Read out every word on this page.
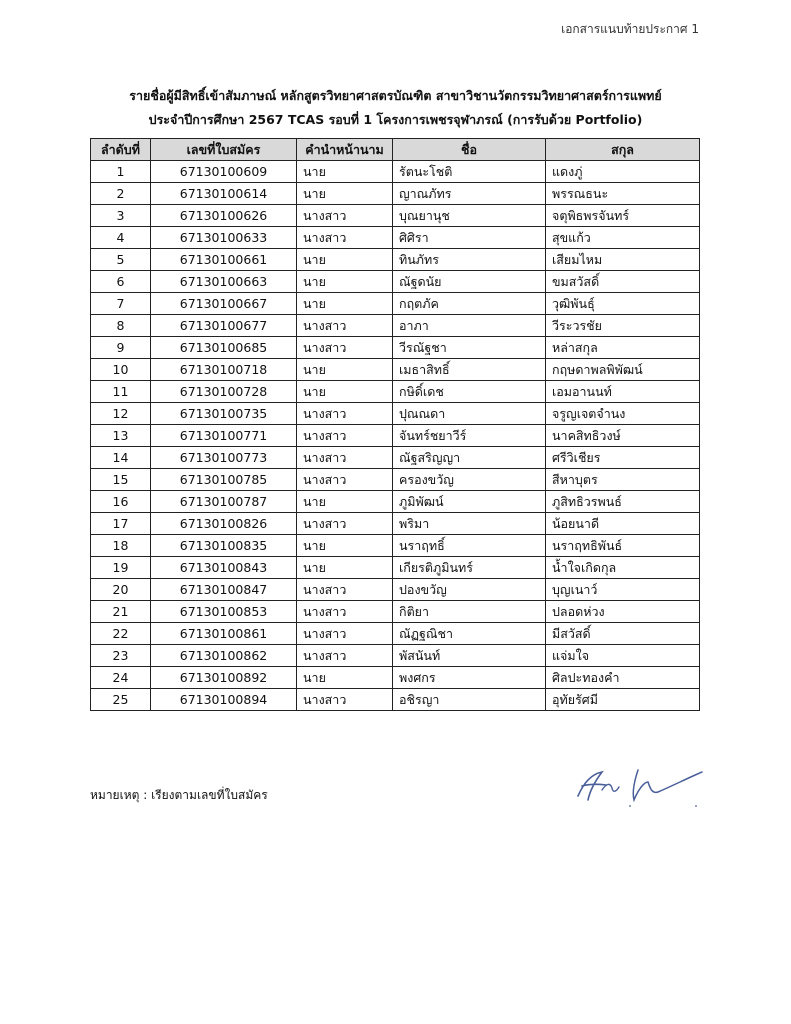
เอกสารแนบท้ายประกาศ 1
รายชื่อผู้มีสิทธิ์เข้าสัมภาษณ์ หลักสูตรวิทยาศาสตรบัณฑิต สาขาวิชานวัตกรรมวิทยาศาสตร์การแพทย์
ประจำปีการศึกษา 2567 TCAS รอบที่ 1 โครงการเพชรจุฬาภรณ์ (การรับด้วย Portfolio)
ลำดับที่	เลขที่ใบสมัคร	คำนำหน้านาม	ชื่อ	สกุล
1	67130100609	นาย	รัตนะโชติ	แดงภู่
2	67130100614	นาย	ญาณภัทร	พรรณธนะ
3	67130100626	นางสาว	บุณยานุช	จตุพิธพรจันทร์
4	67130100633	นางสาว	ศิศิรา	สุขแก้ว
5	67130100661	นาย	ทินภัทร	เสียมไหม
6	67130100663	นาย	ณัฐดนัย	ขมสวัสดิ์
7	67130100667	นาย	กฤตภัค	วุฒิพันธุ์
8	67130100677	นางสาว	อาภา	วีระวรชัย
9	67130100685	นางสาว	วีรณัฐชา	หล่าสกุล
10	67130100718	นาย	เมธาสิทธิ์	กฤษดาพลพิพัฒน์
11	67130100728	นาย	กษิดิ์เดช	เอมอานนท์
12	67130100735	นางสาว	ปุณณดา	จรูญเจตจำนง
13	67130100771	นางสาว	จันทร์ชยาวีร์	นาคสิทธิวงษ์
14	67130100773	นางสาว	ณัฐสริญญา	ศรีวิเชียร
15	67130100785	นางสาว	ครองขวัญ	สีหาบุตร
16	67130100787	นาย	ภูมิพัฒน์	ภูสิทธิวรพนธ์
17	67130100826	นางสาว	พริมา	น้อยนาดี
18	67130100835	นาย	นราฤทธิ์	นราฤทธิพันธ์
19	67130100843	นาย	เกียรติภูมินทร์	น้ำใจเกิดกุล
20	67130100847	นางสาว	ปองขวัญ	บุญเนาว์
21	67130100853	นางสาว	กิติยา	ปลอดห่วง
22	67130100861	นางสาว	ณัฏฐณิชา	มีสวัสดิ์
23	67130100862	นางสาว	พัสนันท์	แจ่มใจ
24	67130100892	นาย	พงศกร	ศิลปะทองคำ
25	67130100894	นางสาว	อชิรญา	อุทัยรัศมี
หมายเหตุ : เรียงตามเลขที่ใบสมัคร
